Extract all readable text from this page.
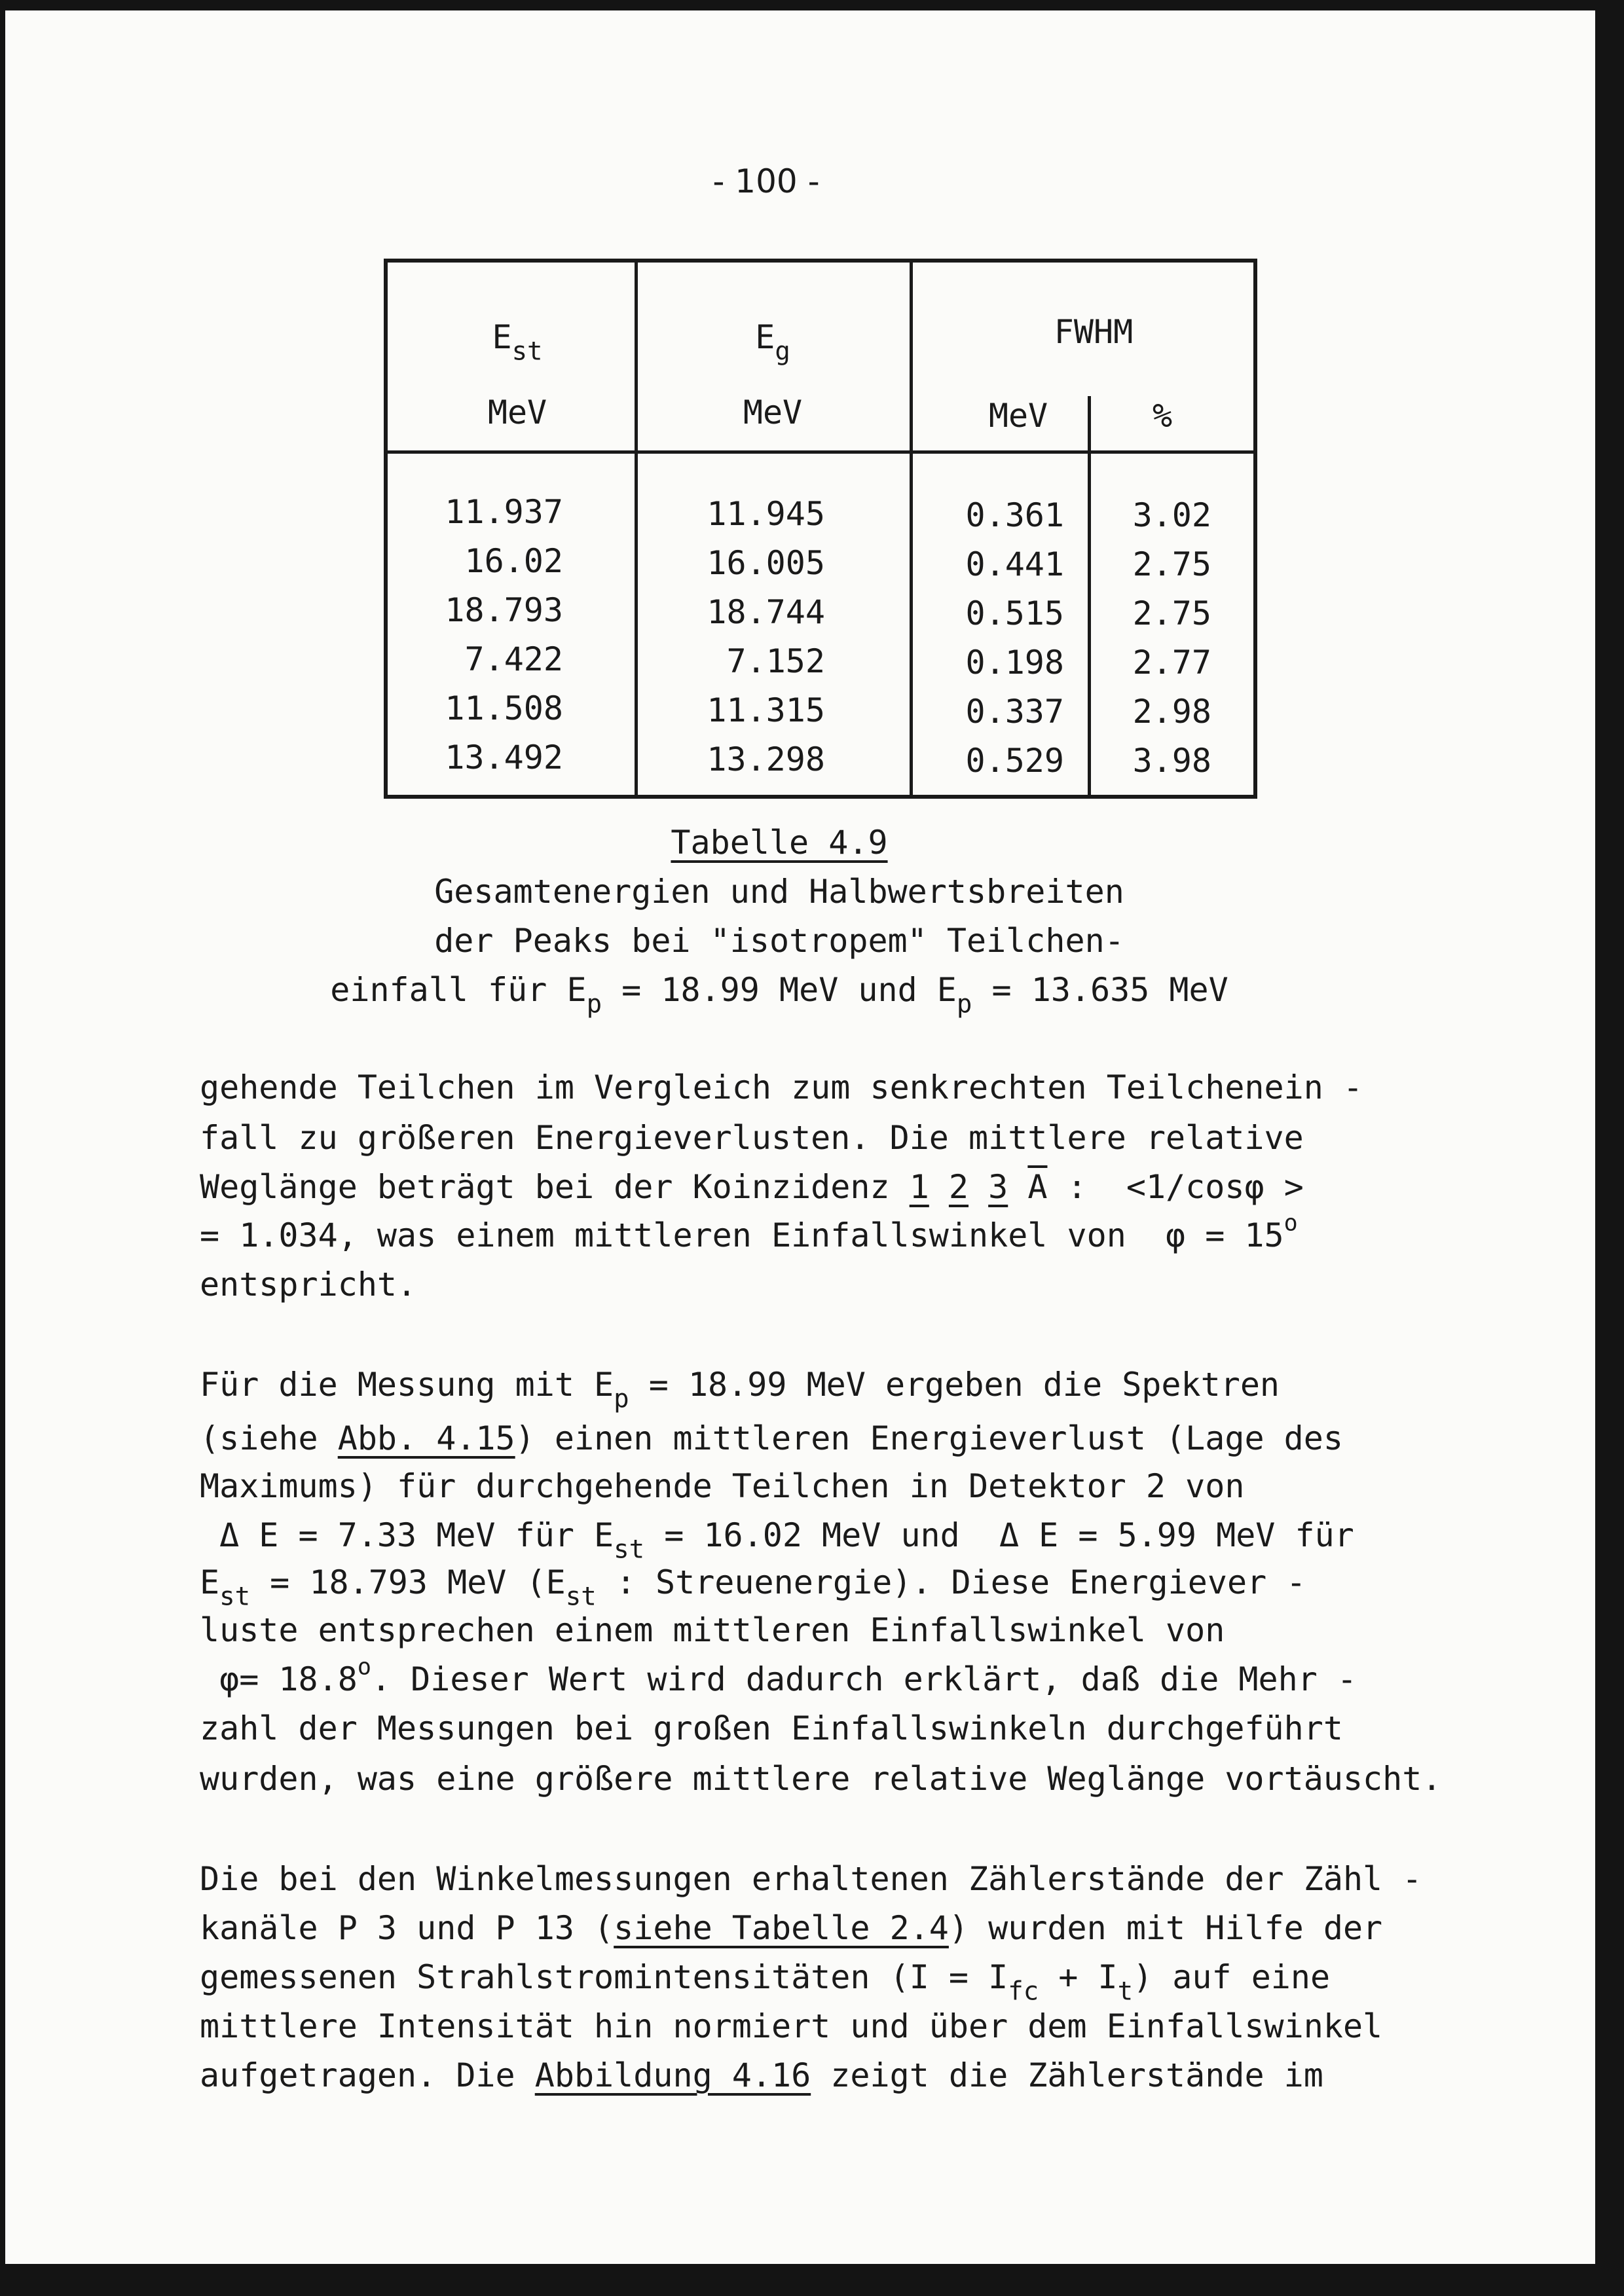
- 100 -
$E_{st}$
MeV
$E_g$
MeV
FWHM
MeV	%
11.937	11.945	0.361	3.02
16.02	16.005	0.441	2.75
18.793	18.744	0.515	2.75
7.422	7.152	0.198	2.77
11.508	11.315	0.337	2.98
13.492	13.298	0.529	3.98
Tabelle 4.9
Gesamtenergien und Halbwertsbreiten
der Peaks bei "isotropem" Teilchen-
einfall für $E_p = 18.99$ MeV und $E_p = 13.635$ MeV
gehende Teilchen im Vergleich zum senkrechten Teilchenein -
fall zu größeren Energieverlusten. Die mittlere relative
Weglänge beträgt bei der Koinzidenz 1 2 3 $\overline{A}$ :  <1/cosφ >
= 1.034, was einem mittleren Einfallswinkel von  $\varphi = 15^o$
entspricht.
Für die Messung mit $E_p = 18.99$ MeV ergeben die Spektren
(siehe Abb. 4.15) einen mittleren Energieverlust (Lage des
Maximums) für durchgehende Teilchen in Detektor 2 von
Δ E = 7.33 MeV für $E_{st} = 16.02$ MeV und  Δ E = 5.99 MeV für
$E_{st} = 18.793$ MeV ($E_{st}$ : Streuenergie). Diese Energiever -
luste entsprechen einem mittleren Einfallswinkel von
$\varphi= 18.8^o$. Dieser Wert wird dadurch erklärt, daß die Mehr -
zahl der Messungen bei großen Einfallswinkeln durchgeführt
wurden, was eine größere mittlere relative Weglänge vortäuscht.
Die bei den Winkelmessungen erhaltenen Zählerstände der Zähl -
kanäle P 3 und P 13 (siehe Tabelle 2.4) wurden mit Hilfe der
gemessenen Strahlstromintensitäten $(I = I_{fc} + I_t)$ auf eine
mittlere Intensität hin normiert und über dem Einfallswinkel
aufgetragen. Die Abbildung 4.16 zeigt die Zählerstände im
